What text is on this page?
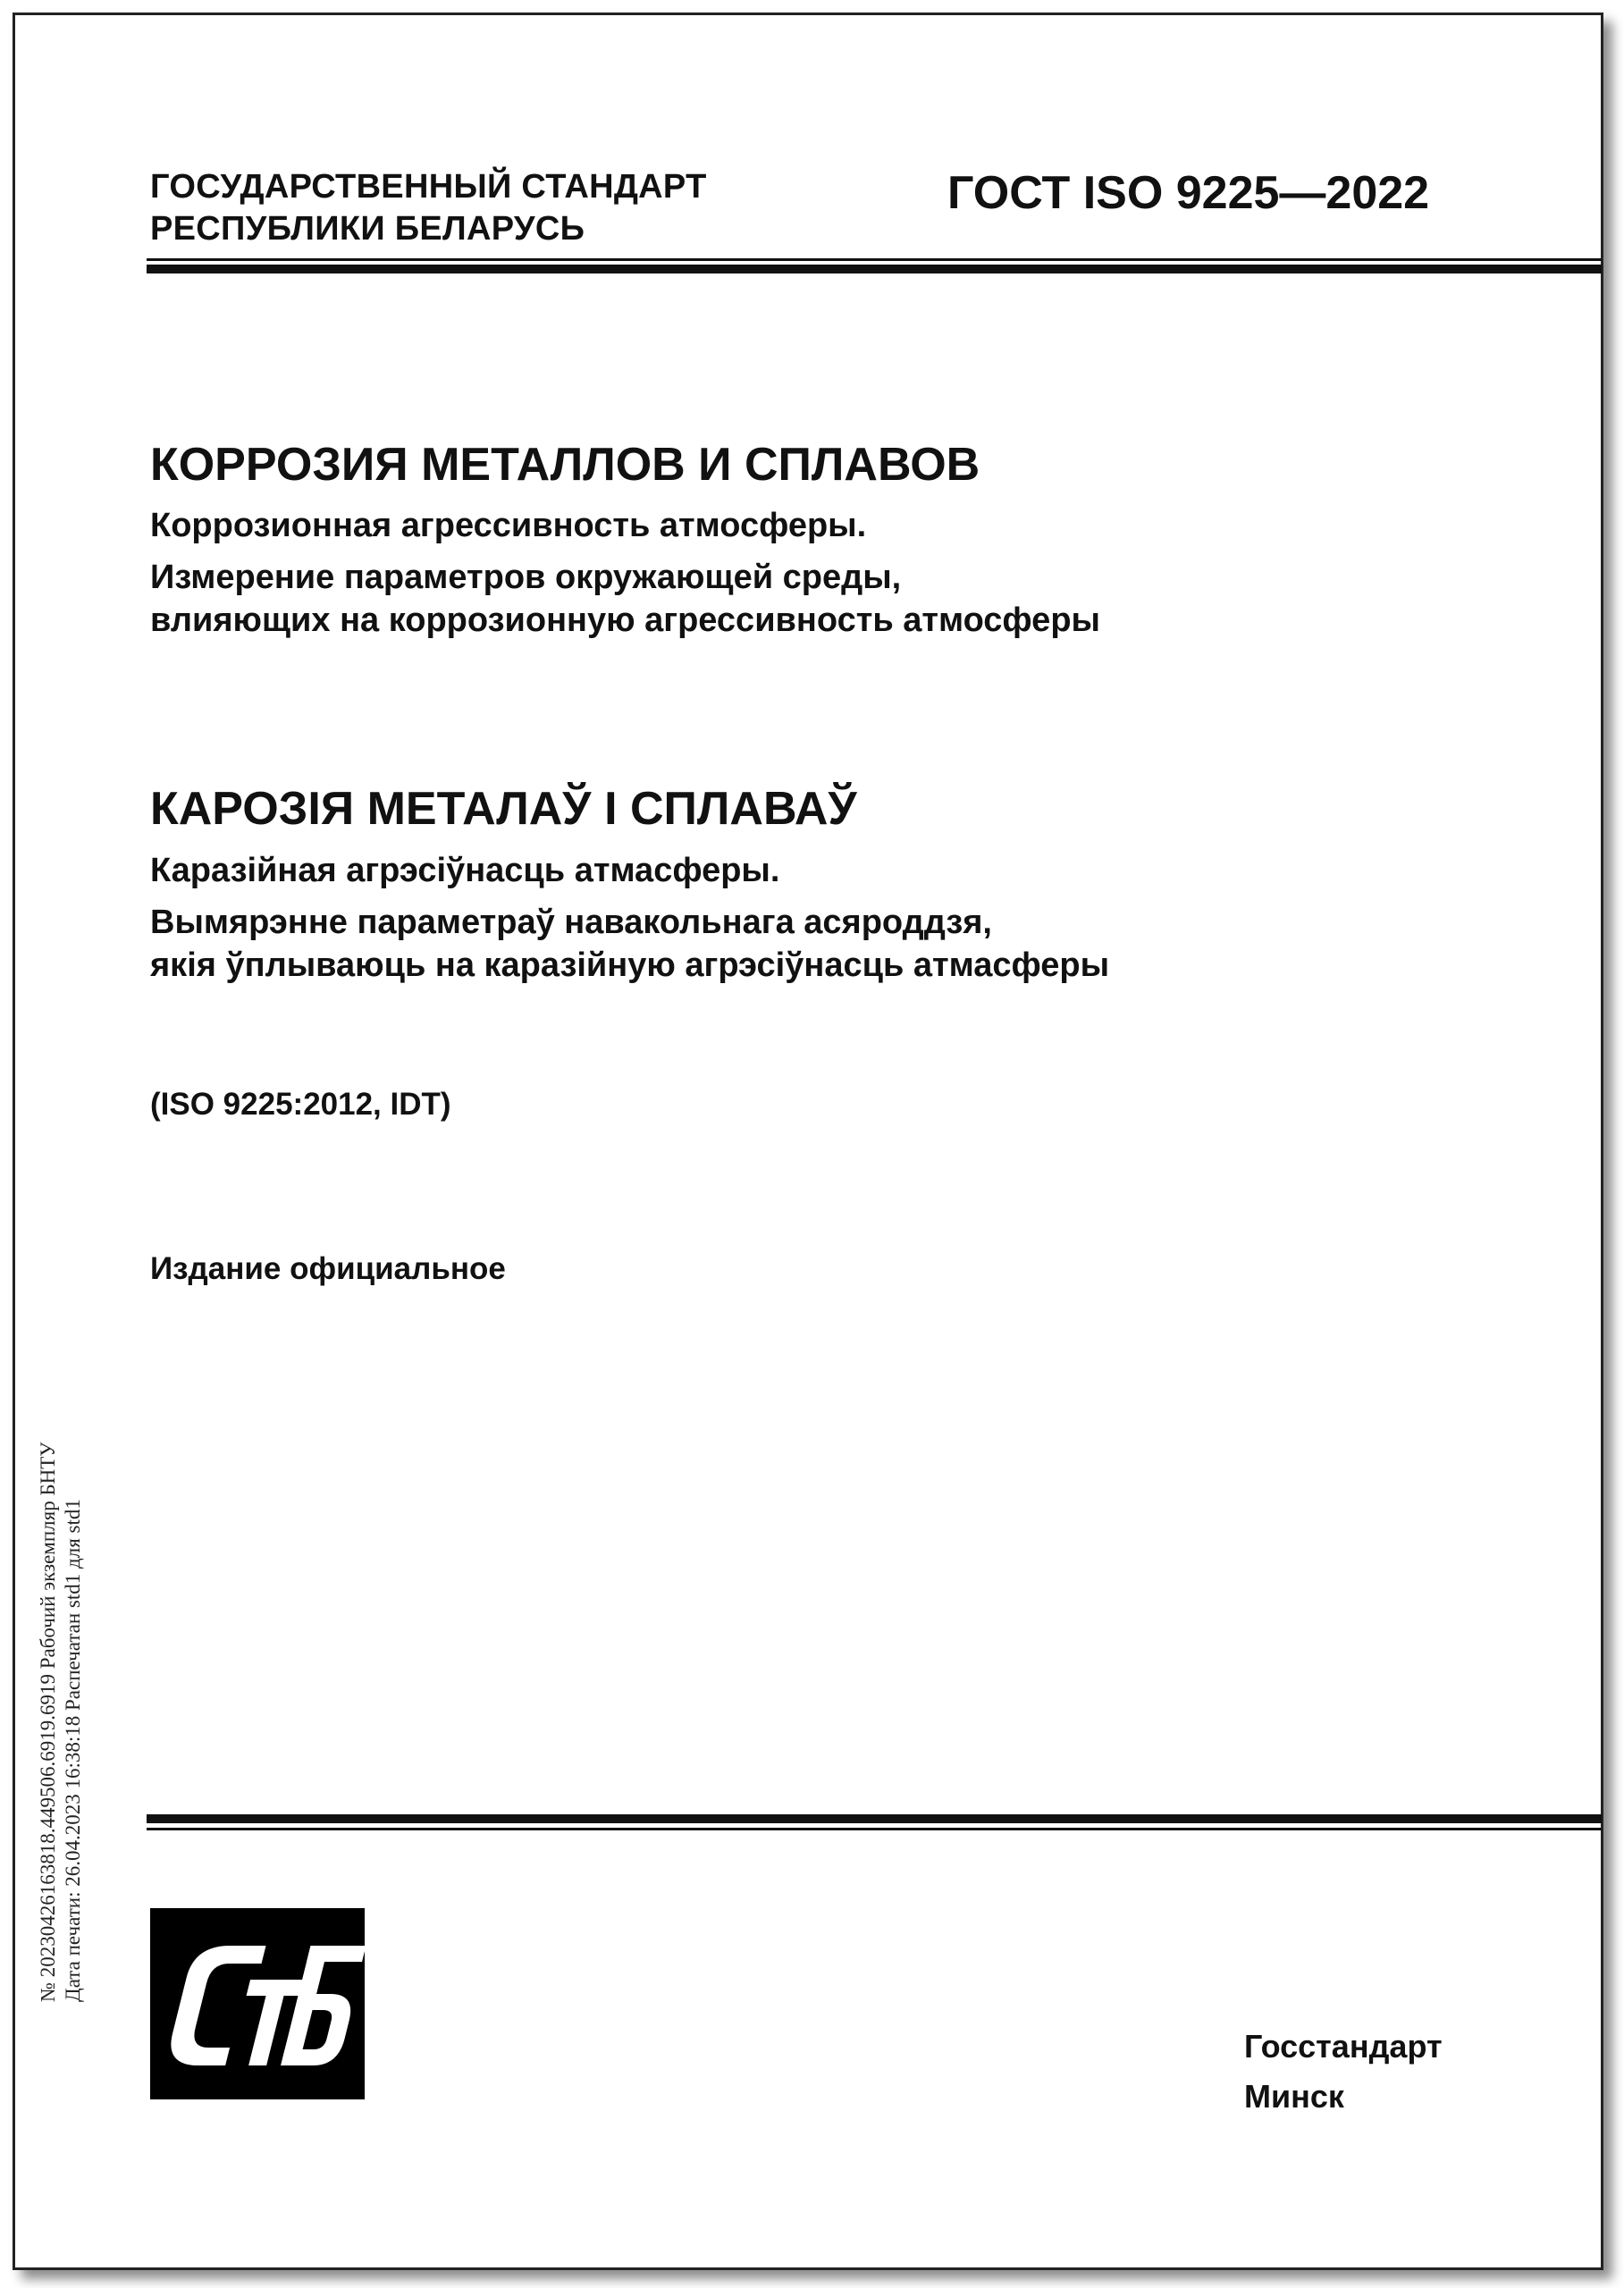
ГОСУДАРСТВЕННЫЙ СТАНДАРТ
РЕСПУБЛИКИ БЕЛАРУСЬ
ГОСТ ISO 9225—2022
КОРРОЗИЯ МЕТАЛЛОВ И СПЛАВОВ
Коррозионная агрессивность атмосферы.
Измерение параметров окружающей среды,
влияющих на коррозионную агрессивность атмосферы
КАРОЗІЯ МЕТАЛАЎ І СПЛАВАЎ
Каразійная агрэсіўнасць атмасферы.
Вымярэнне параметраў навакольнага асяроддзя,
якія ўплываюць на каразійную агрэсіўнасць атмасферы
(ISO 9225:2012, IDT)
Издание официальное
№ 20230426163818.449506.6919.6919 Рабочий экземпляр БНТУ Дата печати: 26.04.2023 16:38:18 Распечатан std1 для std1
Госстандарт
Минск
